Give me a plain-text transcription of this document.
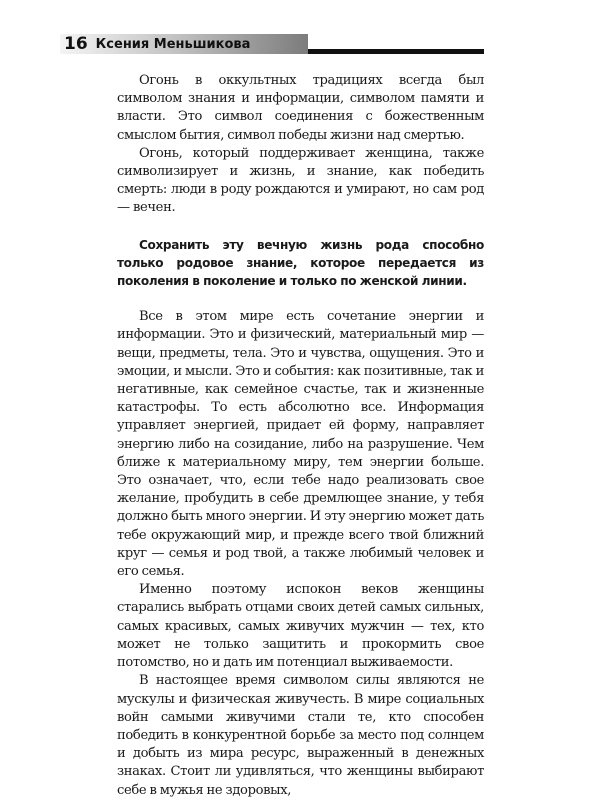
16 Ксения Меньшикова

Огонь в оккультных традициях всегда был символом знания и информации, символом памяти и власти. Это символ соединения с божественным смыслом бытия, символ победы жизни над смертью.

Огонь, который поддерживает женщина, также символизирует и жизнь, и знание, как победить смерть: люди в роду рождаются и умирают, но сам род — вечен.

Сохранить эту вечную жизнь рода способно только родовое знание, которое передается из поколения в поколение и только по женской линии.

Все в этом мире есть сочетание энергии и информации. Это и физический, материальный мир — вещи, предметы, тела. Это и чувства, ощущения. Это и эмоции, и мысли. Это и события: как позитивные, так и негативные, как семейное счастье, так и жизненные катастрофы. То есть абсолютно все. Информация управляет энергией, придает ей форму, направляет энергию либо на созидание, либо на разрушение. Чем ближе к материальному миру, тем энергии больше. Это означает, что, если тебе надо реализовать свое желание, пробудить в себе дремлющее знание, у тебя должно быть много энергии. И эту энергию может дать тебе окружающий мир, и прежде всего твой ближний круг — семья и род твой, а также любимый человек и его семья.

Именно поэтому испокон веков женщины старались выбрать отцами своих детей самых сильных, самых красивых, самых живучих мужчин — тех, кто может не только защитить и прокормить свое потомство, но и дать им потенциал выживаемости.

В настоящее время символом силы являются не мускулы и физическая живучесть. В мире социальных войн самыми живучими стали те, кто способен победить в конкурентной борьбе за место под солнцем и добыть из мира ресурс, выраженный в денежных знаках. Стоит ли удивляться, что женщины выбирают себе в мужья не здоровых,
